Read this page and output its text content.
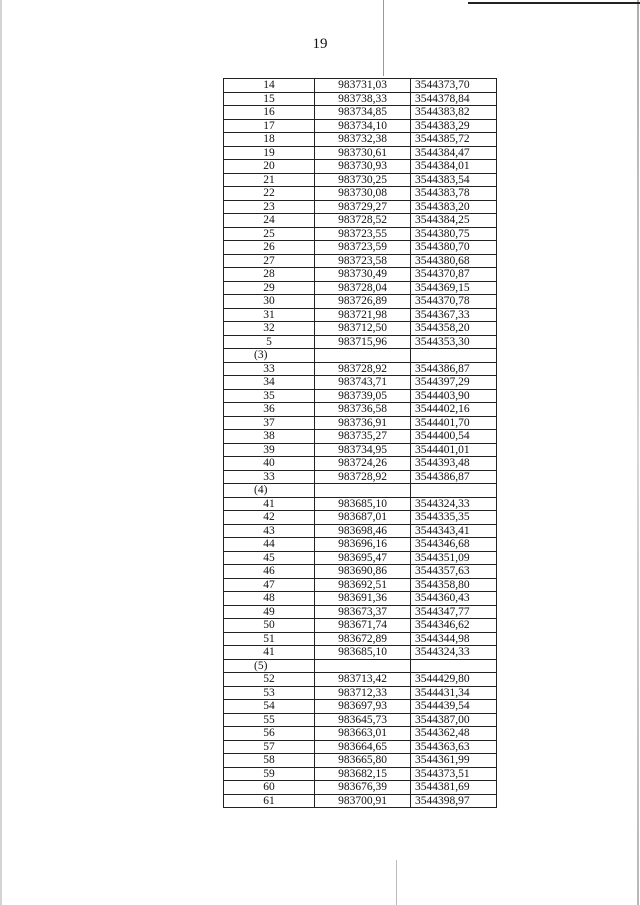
19
14	983731,03	3544373,70
15	983738,33	3544378,84
16	983734,85	3544383,82
17	983734,10	3544383,29
18	983732,38	3544385,72
19	983730,61	3544384,47
20	983730,93	3544384,01
21	983730,25	3544383,54
22	983730,08	3544383,78
23	983729,27	3544383,20
24	983728,52	3544384,25
25	983723,55	3544380,75
26	983723,59	3544380,70
27	983723,58	3544380,68
28	983730,49	3544370,87
29	983728,04	3544369,15
30	983726,89	3544370,78
31	983721,98	3544367,33
32	983712,50	3544358,20
5	983715,96	3544353,30
(3)		
33	983728,92	3544386,87
34	983743,71	3544397,29
35	983739,05	3544403,90
36	983736,58	3544402,16
37	983736,91	3544401,70
38	983735,27	3544400,54
39	983734,95	3544401,01
40	983724,26	3544393,48
33	983728,92	3544386,87
(4)		
41	983685,10	3544324,33
42	983687,01	3544335,35
43	983698,46	3544343,41
44	983696,16	3544346,68
45	983695,47	3544351,09
46	983690,86	3544357,63
47	983692,51	3544358,80
48	983691,36	3544360,43
49	983673,37	3544347,77
50	983671,74	3544346,62
51	983672,89	3544344,98
41	983685,10	3544324,33
(5)		
52	983713,42	3544429,80
53	983712,33	3544431,34
54	983697,93	3544439,54
55	983645,73	3544387,00
56	983663,01	3544362,48
57	983664,65	3544363,63
58	983665,80	3544361,99
59	983682,15	3544373,51
60	983676,39	3544381,69
61	983700,91	3544398,97
